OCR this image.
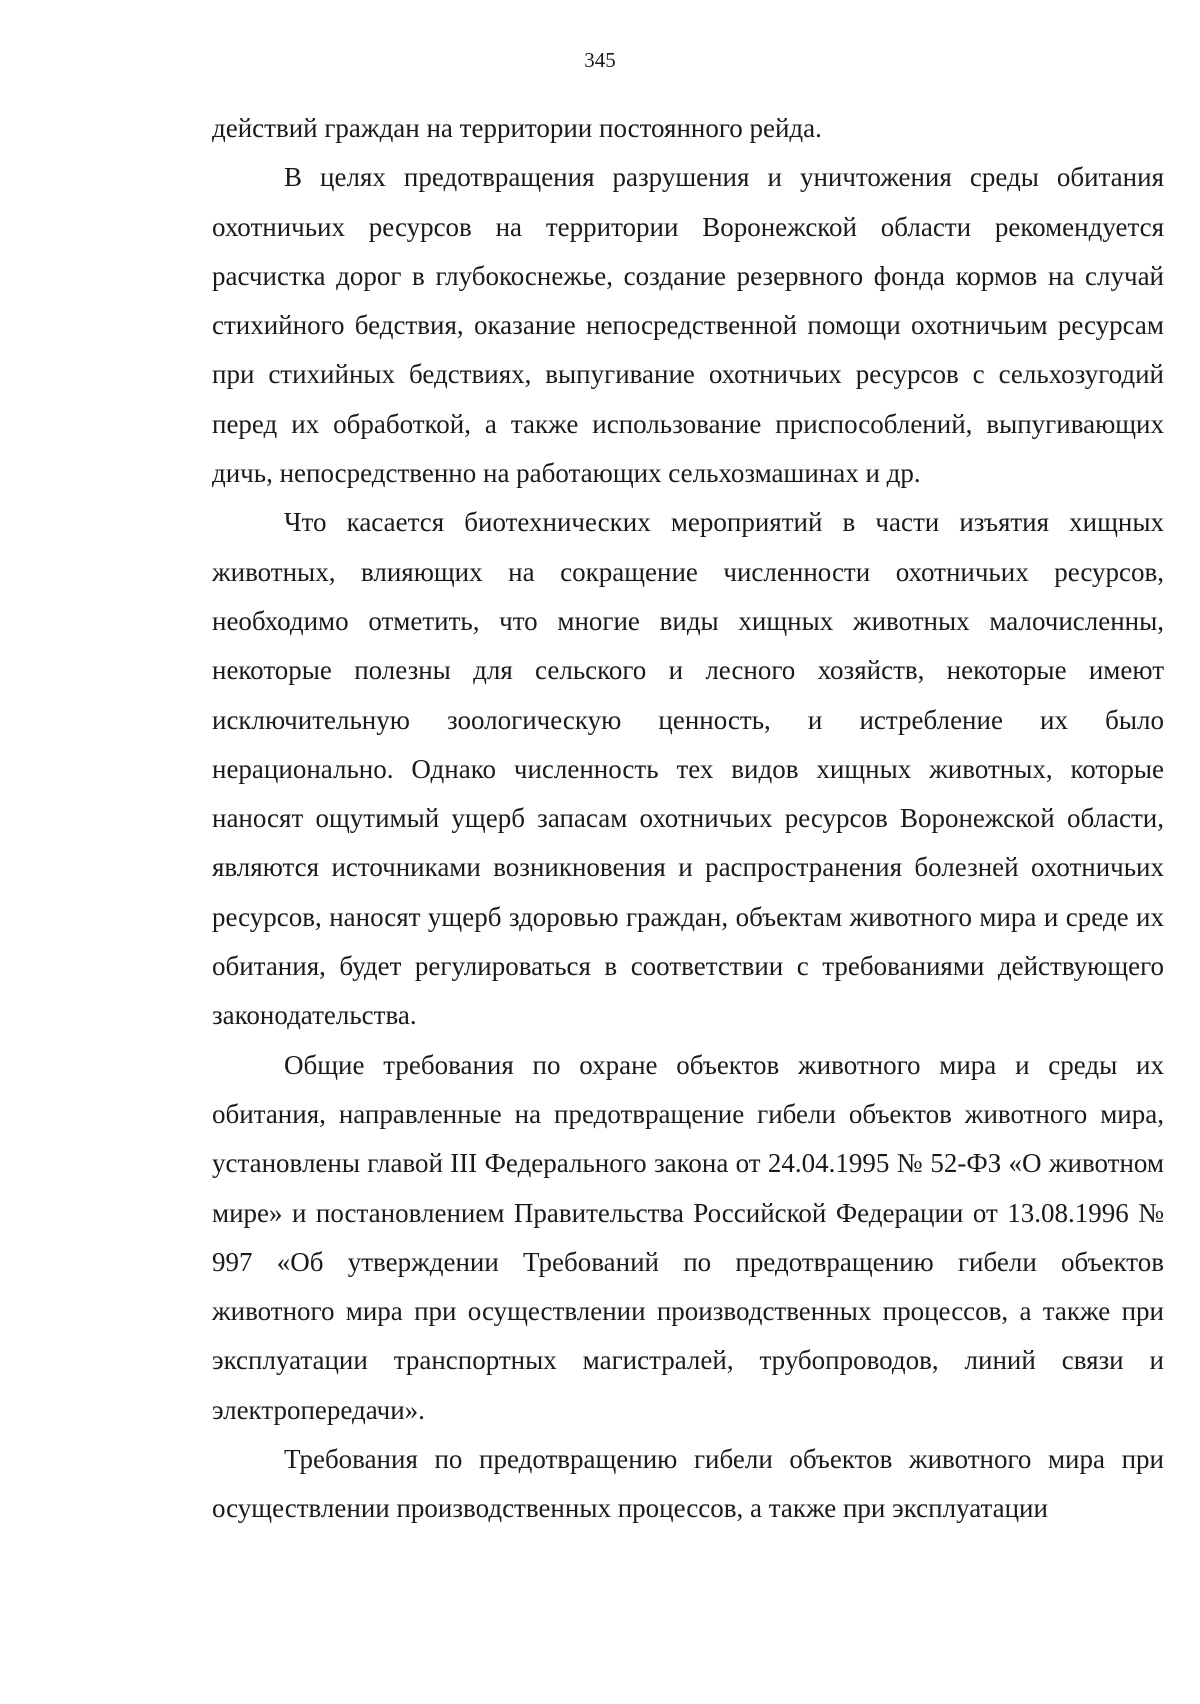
345

действий граждан на территории постоянного рейда.

В целях предотвращения разрушения и уничтожения среды обитания охотничьих ресурсов на территории Воронежской области рекомендуется расчистка дорог в глубокоснежье, создание резервного фонда кормов на случай стихийного бедствия, оказание непосредственной помощи охотничьим ресурсам при стихийных бедствиях, выпугивание охотничьих ресурсов с сельхозугодий перед их обработкой, а также использование приспособлений, выпугивающих дичь, непосредственно на работающих сельхозмашинах и др.

Что касается биотехнических мероприятий в части изъятия хищных животных, влияющих на сокращение численности охотничьих ресурсов, необходимо отметить, что многие виды хищных животных малочисленны, некоторые полезны для сельского и лесного хозяйств, некоторые имеют исключительную зоологическую ценность, и истребление их было нерационально. Однако численность тех видов хищных животных, которые наносят ощутимый ущерб запасам охотничьих ресурсов Воронежской области, являются источниками возникновения и распространения болезней охотничьих ресурсов, наносят ущерб здоровью граждан, объектам животного мира и среде их обитания, будет регулироваться в соответствии с требованиями действующего законодательства.

Общие требования по охране объектов животного мира и среды их обитания, направленные на предотвращение гибели объектов животного мира, установлены главой III Федерального закона от 24.04.1995 № 52-ФЗ «О животном мире» и постановлением Правительства Российской Федерации от 13.08.1996 № 997 «Об утверждении Требований по предотвращению гибели объектов животного мира при осуществлении производственных процессов, а также при эксплуатации транспортных магистралей, трубопроводов, линий связи и электропередачи».

Требования по предотвращению гибели объектов животного мира при осуществлении производственных процессов, а также при эксплуатации
